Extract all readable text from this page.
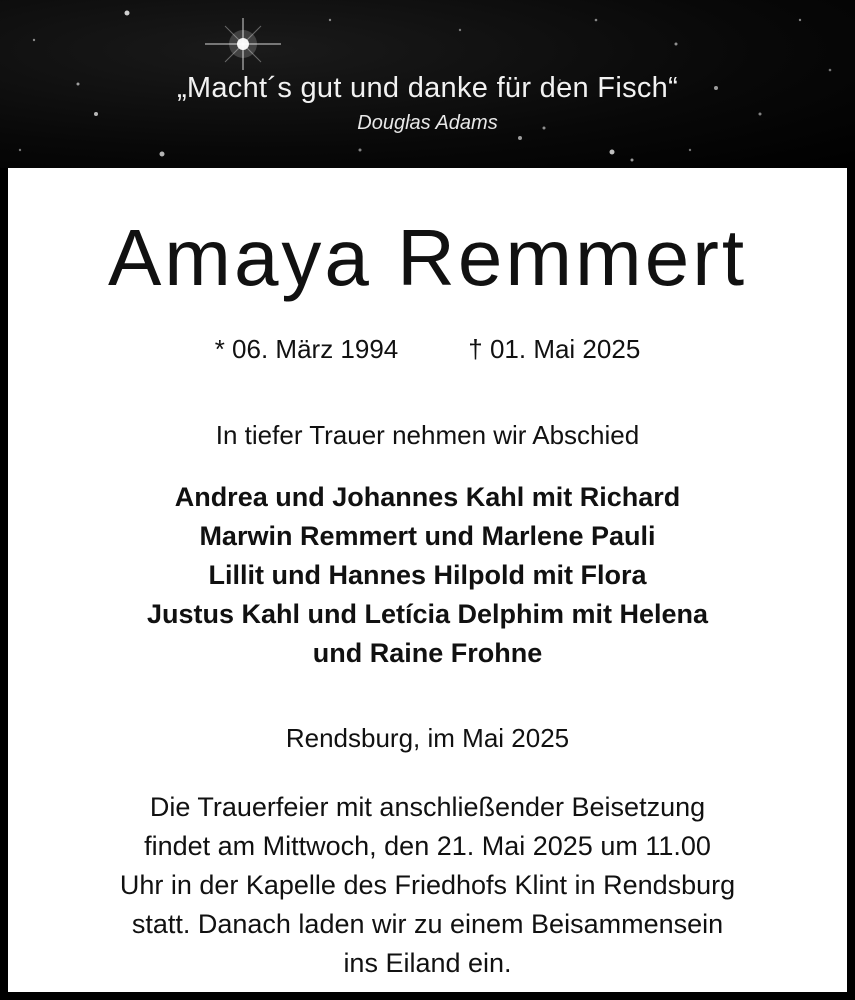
„Macht´s gut und danke für den Fisch“
Douglas Adams
Amaya Remmert
* 06. März 1994	† 01. Mai 2025
In tiefer Trauer nehmen wir Abschied
Andrea und Johannes Kahl mit Richard
Marwin Remmert und Marlene Pauli
Lillit und Hannes Hilpold mit Flora
Justus Kahl und Letícia Delphim mit Helena
und Raine Frohne
Rendsburg, im Mai 2025
Die Trauerfeier mit anschließender Beisetzung
findet am Mittwoch, den 21. Mai 2025 um 11.00
Uhr in der Kapelle des Friedhofs Klint in Rendsburg
statt. Danach laden wir zu einem Beisammensein
ins Eiland ein.
